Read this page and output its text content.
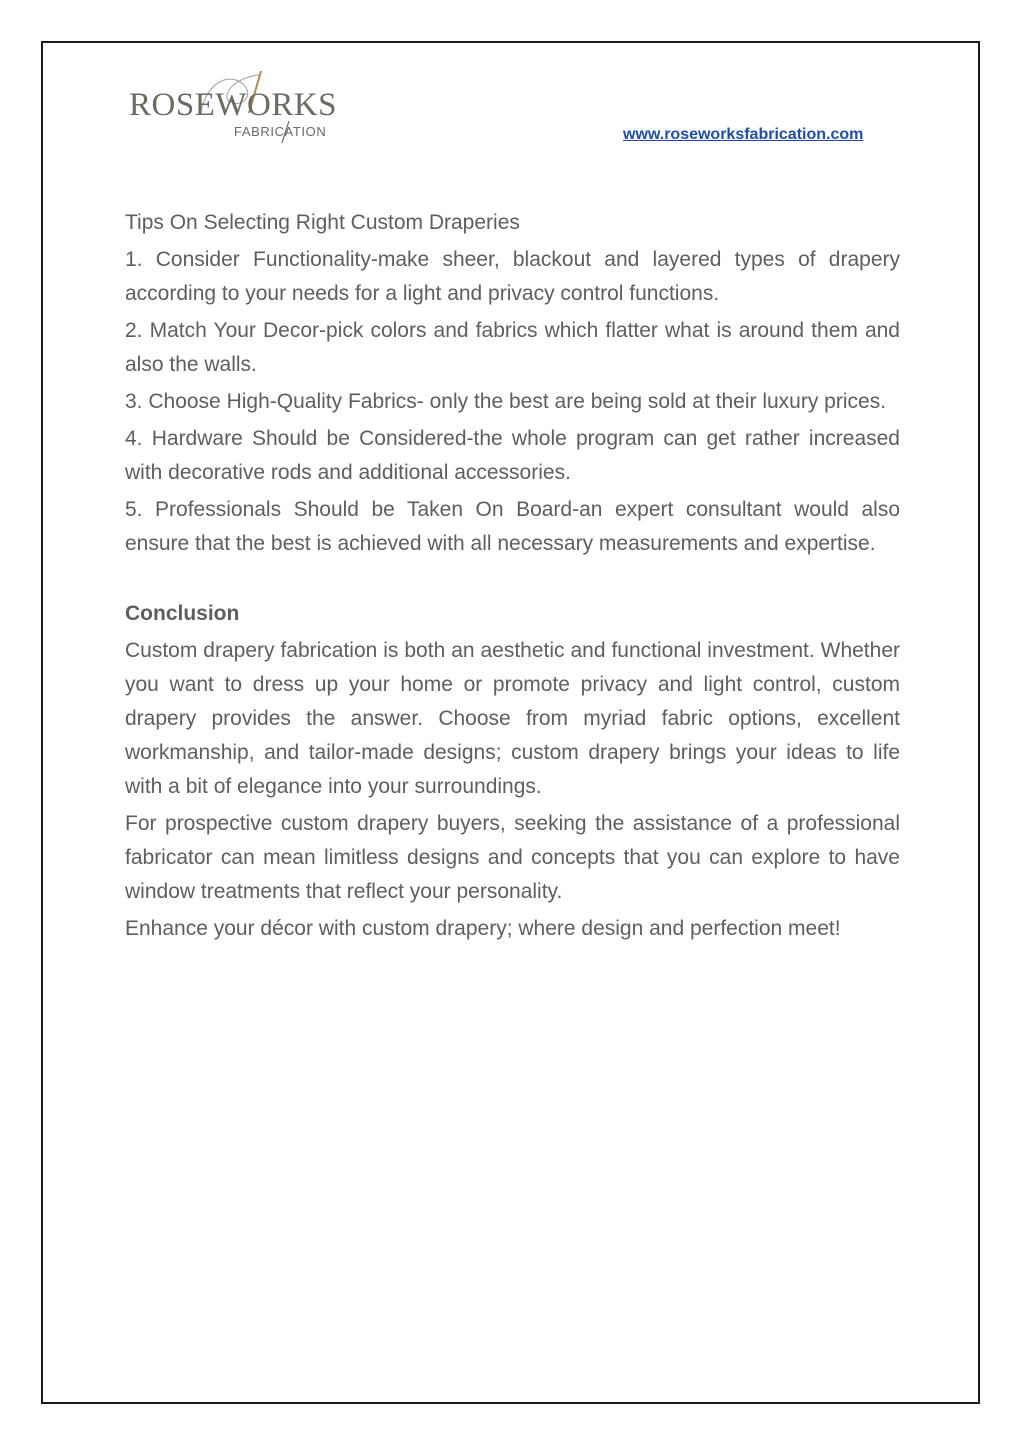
ROSEWORKS
FABRICATION	www.roseworksfabrication.com

Tips On Selecting Right Custom Draperies

1. Consider Functionality-make sheer, blackout and layered types of drapery according to your needs for a light and privacy control functions.

2. Match Your Decor-pick colors and fabrics which flatter what is around them and also the walls.

3. Choose High-Quality Fabrics- only the best are being sold at their luxury prices.

4. Hardware Should be Considered-the whole program can get rather increased with decorative rods and additional accessories.

5. Professionals Should be Taken On Board-an expert consultant would also ensure that the best is achieved with all necessary measurements and expertise.

Conclusion

Custom drapery fabrication is both an aesthetic and functional investment. Whether you want to dress up your home or promote privacy and light control, custom drapery provides the answer. Choose from myriad fabric options, excellent workmanship, and tailor-made designs; custom drapery brings your ideas to life with a bit of elegance into your surroundings.

For prospective custom drapery buyers, seeking the assistance of a professional fabricator can mean limitless designs and concepts that you can explore to have window treatments that reflect your personality.

Enhance your décor with custom drapery; where design and perfection meet!
